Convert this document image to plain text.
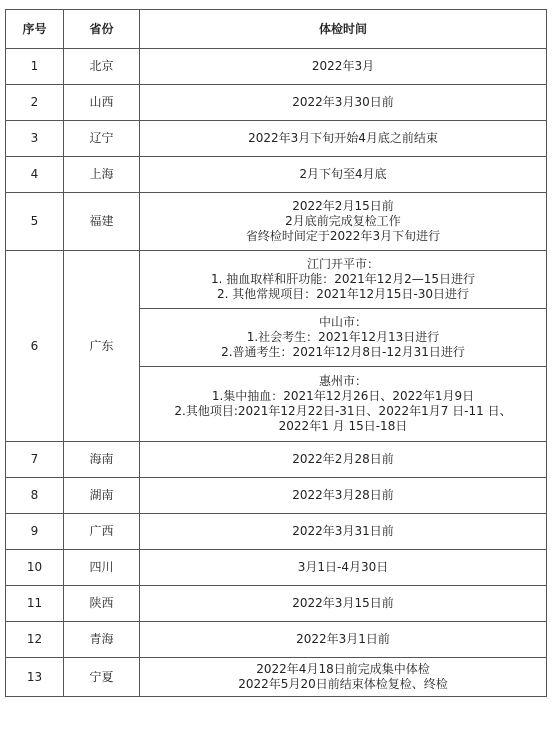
序号	省份	体检时间
1	北京	2022年3月

2	山西	2022年3月30日前

3	辽宁	2022年3月下旬开始4月底之前结束

4	上海	2月下旬至4月底

5	福建	2022年2月15日前
2月底前完成复检工作
省终检时间定于2022年3月下旬进行

6	广东	江门开平市：
1. 抽血取样和肝功能：2021年12月2—15日进行
2. 其他常规项目：2021年12月15日-30日进行

		中山市：
1.社会考生：2021年12月13日进行
2.普通考生：2021年12月8日-12月31日进行

		惠州市：
1.集中抽血：2021年12月26日、2022年1月9日
2.其他项目:2021年12月22日-31日、2022年1月7 日-11 日、
2022年1 月 15日-18日

7	海南	2022年2月28日前

8	湖南	2022年3月28日前

9	广西	2022年3月31日前

10	四川	3月1日-4月30日

11	陕西	2022年3月15日前

12	青海	2022年3月1日前

13	宁夏	2022年4月18日前完成集中体检
2022年5月20日前结束体检复检、终检
